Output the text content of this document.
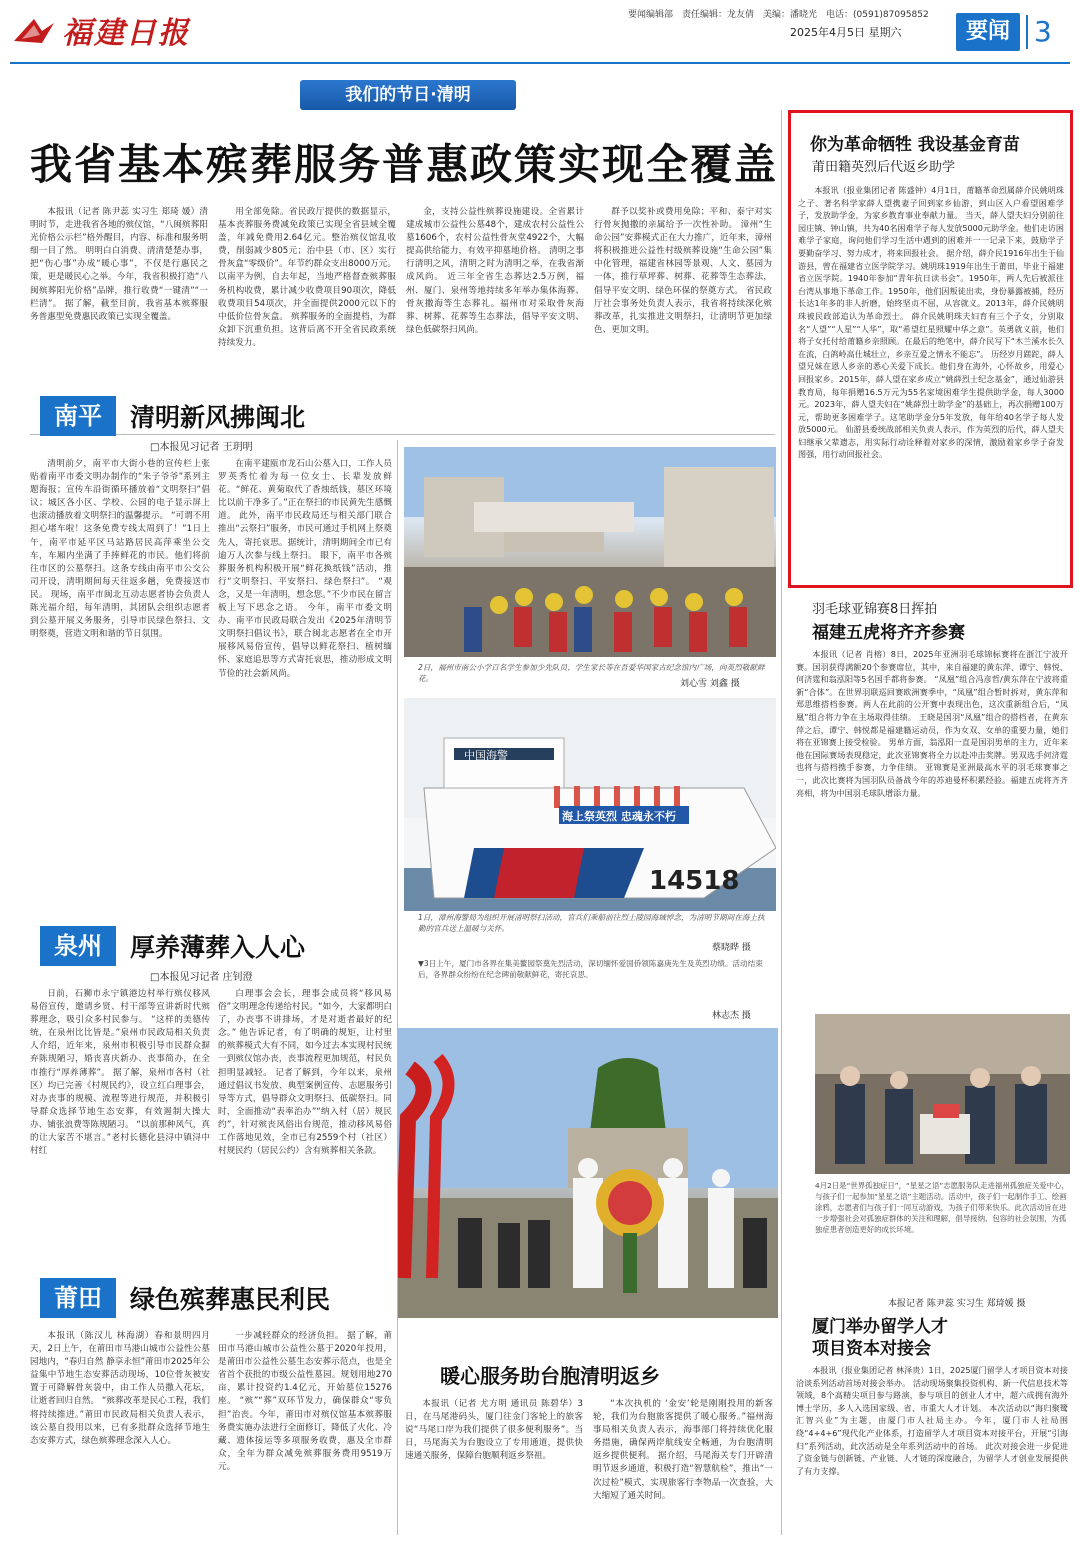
福建日报
要闻编辑部　责任编辑：龙友倩　美编：潘晓光　电话：(0591)87095852
2025年4月5日 星期六	要闻 3
我们的节日·清明
我省基本殡葬服务普惠政策实现全覆盖

本报讯（记者 陈尹蕊 实习生 郑琦 媛）清明时节，走进我省各地的殡仪馆，“八闽殡葬阳光价格公示栏”格外醒目，内容、标准和服务明细一目了然。 明明白白消费、清清楚楚办事，把“伤心事”办成“暖心事”，不仅是行惠民之策，更是暖民心之举。今年，我省积极打造“八闽殡葬阳光价格”品牌，推行收费“一键清”“一栏清”。 据了解，截至目前，我省基本殡葬服务普惠型免费惠民政策已实现全覆盖。

用全部免除。省民政厅提供的数据显示，基本丧葬服务费减免政策已实现全省县域全覆盖，年减免费用2.64亿元。整治殡仪馆乱收费，削弱减少805元；治中县（市、区）实行骨灰盒“零级价”。年节约群众支出8000万元。以南平为例，自去年起，当地严格督查殡葬服务机构收费，累计减少收费项目90项次，降低收费项目54项次，并全面提供2000元以下的中低价位骨灰盒。 殡葬服务的全面提档，为群众卸下沉重负担。这背后离不开全省民政系统持续发力。

金，支持公益性殡葬设施建设。全省累计建成城市公益性公墓48个，建成农村公益性公墓1606个，农村公益性骨灰堂4922个，大幅提高供给能力，有效平抑墓地价格。 清明之事行清明之风，清明之时为清明之举，在我省渐成风尚。 近三年全省生态葬达2.5万例，福州、厦门、泉州等地持续多年举办集体海葬、骨灰撒海等生态葬礼。福州市对采取骨灰海葬、树葬、花葬等生态葬法，倡导平安文明、绿色低碳祭扫风尚。

群予以奖补或费用免除；平和、泰宁对实行骨灰抛撒的亲属给予一次性补助。 漳州“生命公园”安葬模式正在大力推广，近年来，漳州将积极推进公益性村级殡葬设施“生命公园”集中化管理，福建省林园等景观、人文、墓园为一体，推行草坪葬、树葬、花葬等生态葬法，倡导平安文明、绿色环保的祭奠方式。 省民政厅社会事务处负责人表示，我省将持续深化殡葬改革，扎实推进文明祭扫，让清明节更加绿色、更加文明。

南平	清明新风拂闽北
□本报见习记者 王玥明

清明前夕，南平市大街小巷的宣传栏上张贴着南平市委文明办制作的“朱子爷爷”系列主题海报；宣传车沿街循环播放着“文明祭扫”倡议；城区各小区、学校、公园的电子显示屏上也滚动播放着文明祭扫的温馨提示。 “可谓不用担心堵车啦！这条免费专线太周到了！”1日上午，南平市延平区马站路居民高萍乘坐公交车，车厢内坐满了手捧鲜花的市民。他们将前往市区的公墓祭扫。这条专线由南平市公交公司开设，清明期间每天往返多趟，免费接送市民。 现场，南平市闽北互动志愿者协会负责人陈光福介绍，每年清明，其团队会组织志愿者到公墓开展义务服务，引导市民绿色祭扫、文明祭奠，营造文明和谐的节日氛围。

在南平建瓯市龙石山公墓入口，工作人员罗英秀忙着为每一位女士、长辈发放鲜花。“鲜花、黄菊取代了香烛纸钱，墓区环境比以前干净多了。”正在祭扫的市民黄先生感慨道。 此外，南平市民政局还与相关部门联合推出“云祭扫”服务，市民可通过手机网上祭奠先人，寄托哀思。据统计，清明期间全市已有逾万人次参与线上祭扫。 眼下，南平市各殡葬服务机构积极开展“鲜花换纸钱”活动，推行“文明祭扫、平安祭扫、绿色祭扫”。 “观念，又是一年清明，想念您。”不少市民在留言板上写下思念之语。 今年，南平市委文明办、南平市民政局联合发出《2025年清明节文明祭扫倡议书》，联合闽北志愿者在全市开展移风易俗宣传，倡导以鲜花祭扫、植树缅怀、家庭追思等方式寄托哀思，推动形成文明节俭的社会新风尚。

泉州	厚养薄葬入人心
□本报见习记者 庄钊澄

日前，石狮市永宁镇港边村举行殡仪移风易俗宣传，邀请乡贤、村干部等宣讲新时代殡葬理念，吸引众多村民参与。 “这样的美德传统，在泉州比比皆是。”泉州市民政局相关负责人介绍，近年来，泉州市积极引导市民群众摒弃陈规陋习，婚丧喜庆新办、丧事简办，在全市推行“厚养薄葬”。 据了解，泉州市各村（社区）均已完善《村规民约》，设立红白理事会，对办丧事的规模、流程等进行规范，并积极引导群众选择节地生态安葬，有效遏制大操大办、铺张浪费等陈规陋习。 “以前那种风气，真的让大家苦不堪言。”老村长德化县浔中镇浔中村红

白理事会会长，理事会成员将“移风易俗”文明理念传递给村民。“如今，大家都明白了，办丧事不讲排场，才是对逝者最好的纪念。” 他告诉记者，有了明确的规矩，让村里的殡葬模式大有不同，如今过去本实现村民统一到殡仪馆办丧，丧事流程更加规范，村民负担明显减轻。 记者了解到，今年以来，泉州通过倡议书发放、典型案例宣传、志愿服务引导等方式，倡导群众文明祭扫、低碳祭扫。同时，全面推动“表率治办”“纳入村（居）规民约”，针对殡丧风俗出台规范，推动移风易俗工作落地见效，全市已有2559个村（社区）村规民约（居民公约）含有殡葬相关条款。

莆田	绿色殡葬惠民利民

本报讯（陈汉儿 林海湖）春和景明四月天，2日上午，在莆田市马港山城市公益性公墓园地内，“春归自然 静享永恒”莆田市2025年公益集中节地生态安葬活动现场，10位骨灰被安置于可降解骨灰袋中，由工作人员撒入花坛，让逝者回归自然。 “殡葬改革是民心工程，我们将持续推进。”莆田市民政局相关负责人表示，该公墓自投用以来，已有多批群众选择节地生态安葬方式，绿色殡葬理念深入人心。

一步减轻群众的经济负担。 据了解，莆田市马港山城市公益性公墓于2020年投用，是莆田市公益性公墓生态安葬示范点，也是全省首个获批的市级公益性墓园。规划用地270亩，累计投资约1.4亿元，开始墓位15276座。 “殡”“葬”双环节发力，确保群众“零负担”治丧。今年，莆田市对殡仪馆基本殡葬服务费实施办法进行全面修订，降低了火化、冷藏、遗体接运等多项服务收费，惠及全市群众，全年为群众减免殡葬服务费用9519万元。

2日，福州市南公小学百名学生参加少先队员、学生家长等在吾爱华国家古纪念馆内广场，向英烈敬献鲜花。
刘心雪 刘鑫 摄
中国海警
海上祭英烈 忠魂永不朽
14518
1日，漳州海警局为组织开展清明祭扫活动，官兵们乘船前往烈士陵园海域悼念，为清明节期间在海上执勤的官兵送上温暖与关怀。
蔡晓晔 摄
▼3日上午，厦门市各界在集美鳌园祭奠先烈活动，深切缅怀爱国侨领陈嘉庚先生及英烈功绩。活动结束后，各界群众纷纷在纪念碑前敬献鲜花，寄托哀思。
林志杰 摄
暖心服务助台胞清明返乡

本报讯（记者 尤方明 通讯员 陈碧华）3日，在马尾港码头，厦门往金门客轮上的旅客说“马尾口岸为我们提供了很多便利服务”。当日，马尾海关为台胞设立了专用通道，提供快速通关服务，保障台胞顺利返乡祭祖。

“本次执机的 ‘金安’轮是刚刚投用的新客轮，我们为台胞旅客提供了暖心服务。”福州海事局相关负责人表示，海事部门将持续优化服务措施，确保两岸航线安全畅通，为台胞清明返乡提供便利。 据介绍，马尾海关专门开辟清明节返乡通道，积极打造“智慧航检”，推出“一次过检”模式，实现旅客行李物品一次查验，大大缩短了通关时间。

你为革命牺牲 我设基金育苗
莆田籍英烈后代返乡助学

本报讯（报业集团记者 陈盛钟）4月1日，莆籍革命烈属薛介民姚明珠之子、著名科学家薛人望携妻子回到家乡仙游，到山区入户看望困难学子，发放助学金，为家乡教育事业奉献力量。 当天，薛人望夫妇分别前往园庄镇、钟山镇，共为40名困难学子每人发放5000元助学金。他们走访困难学子家庭，询问他们学习生活中遇到的困难并一一记录下来，鼓励学子要勤奋学习、努力成才，将来回报社会。 据介绍，薛介民1916年出生于仙游县，曾在福建省立医学院学习。姚明珠1919年出生于莆田，毕业于福建省立医学院。1940年参加“青年抗日读书会”。1950年，两人先后被派往台湾从事地下革命工作。1950年，他们因叛徒出卖，身份暴露被捕，经历长达1年多的非人折磨，始终坚贞不屈，从容就义。2013年，薛介民姚明珠被民政部追认为革命烈士。 薛介民姚明珠夫妇育有三个子女，分别取名“人望”“人星”“人华”，取“希望红星照耀中华之意”。英勇就义前，他们将子女托付给莆籍乡亲照顾。在最后的绝笔中，薛介民写下“木兰溪水长久在流，白鸽岭高仕城壮立，乡亲互爱之情永不能忘”。 历经岁月蹉跎，薛人望兄妹在恩人乡亲的悉心关爱下成长。他们身在海外，心怀故乡，用爱心回报家乡。2015年，薛人望在家乡成立“姚薛烈士纪念基金”，通过仙游县教育局，每年捐赠16.5万元为55名家境困难学生提供助学金，每人3000元。2023年，薛人望夫妇在“姚薛烈士助学金”的基础上，再次捐赠100万元，帮助更多困难学子。这笔助学金分5年发放，每年给40名学子每人发放5000元。 仙游县委统战部相关负责人表示，作为英烈的后代，薛人望夫妇继承父辈遗志，用实际行动诠释着对家乡的深情，激励着家乡学子奋发图强，用行动回报社会。

羽毛球亚锦赛8日挥拍
福建五虎将齐齐参赛

本报讯（记者 肖榕）8日，2025年亚洲羽毛球锦标赛将在浙江宁波开赛。国羽获得满额20个参赛席位，其中，来自福建的黄东萍、谭宁、韩悦、何济霆和翁泓阳等5名国手都将参赛。 “凤凰”组合冯彦哲/黄东萍在宁波将重新“合体”。在世界羽联巡回赛欧洲赛季中，“凤凰”组合暂时拆对，黄东萍和郑思维搭档参赛。两人在此前的公开赛中表现出色，这次重新组合后，“凤凰”组合将力争在主场取得佳绩。 王晓是国羽“凤凰”组合的搭档者，在黄东萍之后，谭宁、韩悦都是福建籍运动员，作为女双、女单的重要力量，她们将在亚锦赛上接受检验。 男单方面，翁泓阳一直是国羽男单的主力，近年来他在国际赛场表现稳定，此次亚锦赛将全力以赴冲击奖牌。男双选手何济霆也将与搭档携手参赛，力争佳绩。 亚锦赛是亚洲最高水平的羽毛球赛事之一，此次比赛将为国羽队员备战今年的苏迪曼杯积累经验。福建五虎将齐齐亮相，将为中国羽毛球队增添力量。

4月2日是“世界孤独症日”，“星星之语”志愿服务队走进福州孤独症关爱中心，与孩子们一起参加“星星之语”主题活动。活动中，孩子们一起制作手工、绘画涂鸦，志愿者们与孩子们一同互动游戏，为孩子们带来快乐。此次活动旨在进一步增强社会对孤独症群体的关注和理解，倡导接纳、包容的社会氛围，为孤独症患者创造更好的成长环境。
本报记者 陈尹蕊 实习生 郑琦媛 摄
厦门举办留学人才
项目资本对接会

本报讯（报业集团记者 林泽贵）1日，2025厦门留学人才项目资本对接洽谈系列活动首场对接会举办。 活动现场聚集投资机构、新一代信息技术等领域，8个高精尖项目参与路演，参与项目的创业人才中，超六成拥有海外博士学历，多人入选国家级、省、市重大人才计划。 本次活动以“海归聚鹭 汇智兴业”为主题，由厦门市人社局主办。今年，厦门市人社局围绕“4+4+6”现代化产业体系，打造留学人才项目资本对接平台，开展“引海归”系列活动，此次活动是全年系列活动中的首场。 此次对接会进一步促进了资金链与创新链、产业链、人才链的深度融合，为留学人才创业发展提供了有力支撑。
